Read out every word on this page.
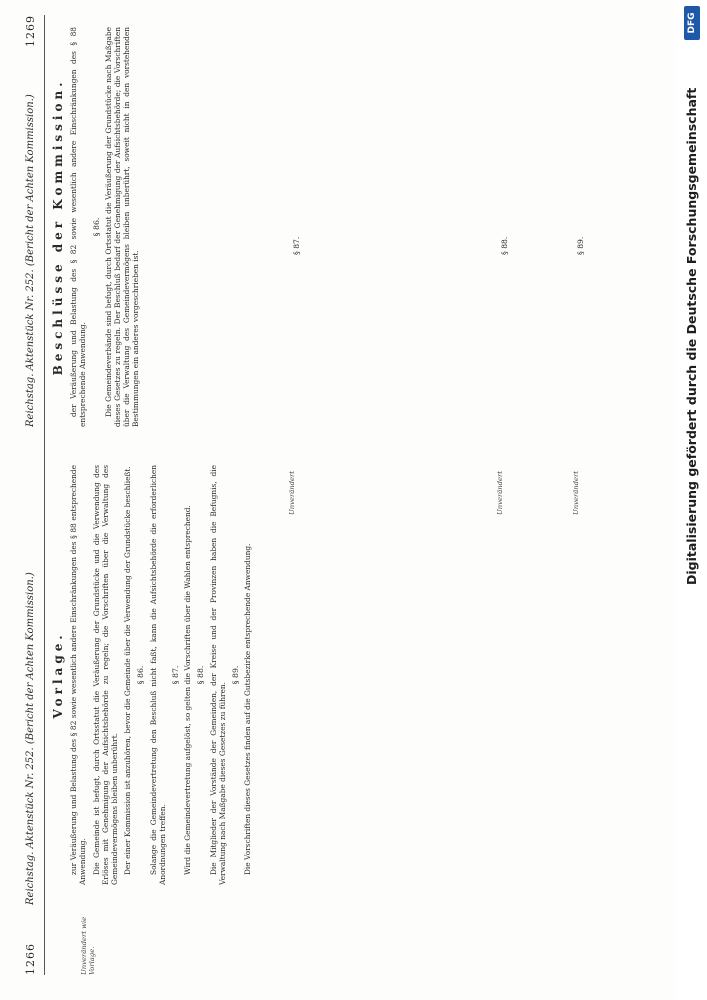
1266
Reichstag. Aktenstück Nr. 252. (Bericht der Achten Kommission.)
Reichstag. Aktenstück Nr. 252. (Bericht der Achten Kommission.)
1269
Unverändert wie Vorlage.
Vorlage. zur Veräußerung und Belastung des § 82 sowie wesentlich andere Einschränkungen des § 88 entsprechende Anwendung. Die Gemeinde ist befugt, durch Ortsstatut die Veräußerung der Grundstücke und die Verwendung des Erlöses mit Genehmigung der Aufsichtsbehörde zu regeln; die Vorschriften über die Verwaltung des Gemeindevermögens bleiben unberührt. Der einer Kommission ist anzuhören, bevor die Gemeinde über die Verwendung der Grundstücke beschließt. § 86. Solange die Gemeindevertretung den Beschluß nicht faßt, kann die Aufsichtsbehörde die erforderlichen Anordnungen treffen.

§ 87. Wird die Gemeindevertretung aufgelöst, so gelten die Vorschriften über die Wahlen entsprechend. § 88. Die Mitglieder der Vorstände der Gemeinden, der Kreise und der Provinzen haben die Befugnis, die Verwaltung nach Maßgabe dieses Gesetzes zu führen.

§ 89. Die Vorschriften dieses Gesetzes finden auf die Gutsbezirke entsprechende Anwendung.

Beschlüsse der Kommission. der Veräußerung und Belastung des § 82 sowie wesentlich andere Einschränkungen des § 88 entsprechende Anwendung.

§ 86. Die Gemeindeverbände sind befugt, durch Ortsstatut die Veräußerung der Grundstücke nach Maßgabe dieses Gesetzes zu regeln. Der Beschluß bedarf der Genehmigung der Aufsichtsbehörde; die Vorschriften über die Verwaltung des Gemeindevermögens bleiben unberührt, soweit nicht in den vorstehenden Bestimmungen ein anderes vorgeschrieben ist.

Unverändert
§ 87.
Unverändert
§ 88.
Unverändert
§ 89.	Digitalisierung gefördert durch die Deutsche Forschungsgemeinschaft
DFG
